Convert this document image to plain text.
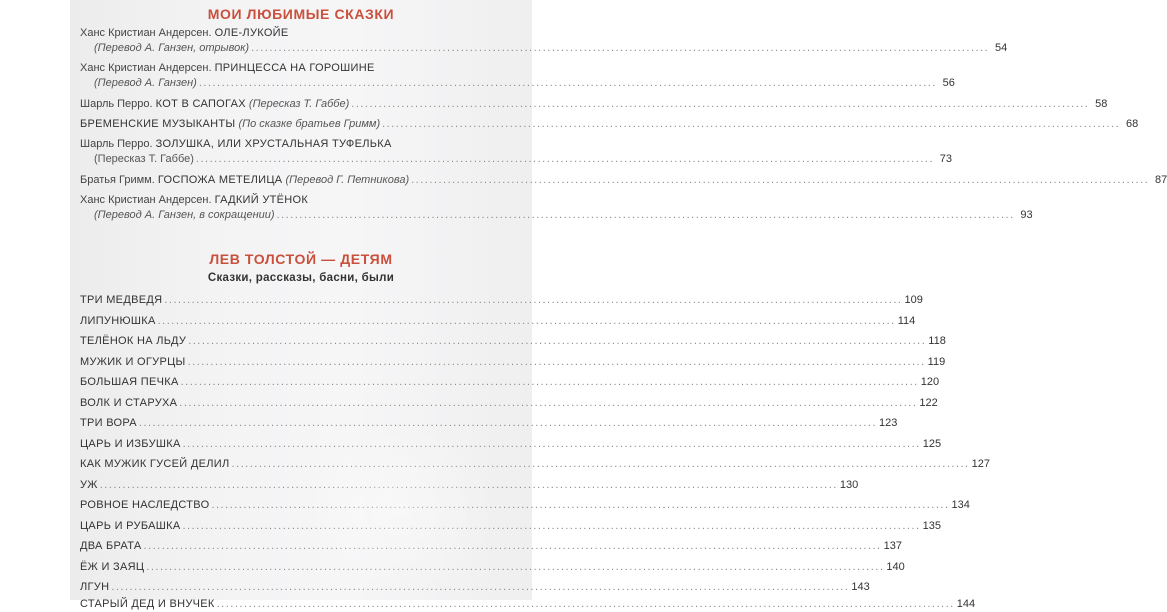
МОИ ЛЮБИМЫЕ СКАЗКИ
Ханс Кристиан Андерсен.
ОЛЕ-ЛУКОЙЕ
(Перевод А. Ганзен, отрывок) .....	54
Ханс Кристиан Андерсен.
ПРИНЦЕССА НА ГОРОШИНЕ
(Перевод А. Ганзен) .....	56
Шарль Перро.
КОТ В САПОГАХ
(Пересказ Т. Габбе) .....	58
БРЕМЕНСКИЕ МУЗЫКАНТЫ
(По сказке братьев Гримм) .....	68
Шарль Перро.
ЗОЛУШКА, ИЛИ ХРУСТАЛЬНАЯ ТУФЕЛЬКА
(Пересказ Т. Габбе) .....	73
Братья Гримм.
ГОСПОЖА МЕТЕЛИЦА
(Перевод Г. Петникова) .....	87
Ханс Кристиан Андерсен.
ГАДКИЙ УТЁНОК
(Перевод А. Ганзен, в сокращении) .....	93
ЛЕВ ТОЛСТОЙ — ДЕТЯМ
Сказки, рассказы, басни, были
ТРИ МЕДВЕДЯ .....	109
ЛИПУНЮШКА .....	114
ТЕЛЁНОК НА ЛЬДУ .....	118
МУЖИК И ОГУРЦЫ .....	119
БОЛЬШАЯ ПЕЧКА .....	120
ВОЛК И СТАРУХА .....	122
ТРИ ВОРА .....	123
ЦАРЬ И ИЗБУШКА .....	125
КАК МУЖИК ГУСЕЙ ДЕЛИЛ .....	127
УЖ .....	130
РОВНОЕ НАСЛЕДСТВО .....	134
ЦАРЬ И РУБАШКА .....	135
ДВА БРАТА .....	137
ЁЖ И ЗАЯЦ .....	140
ЛГУН .....	143
СТАРЫЙ ДЕД И ВНУЧЕК .....	144
